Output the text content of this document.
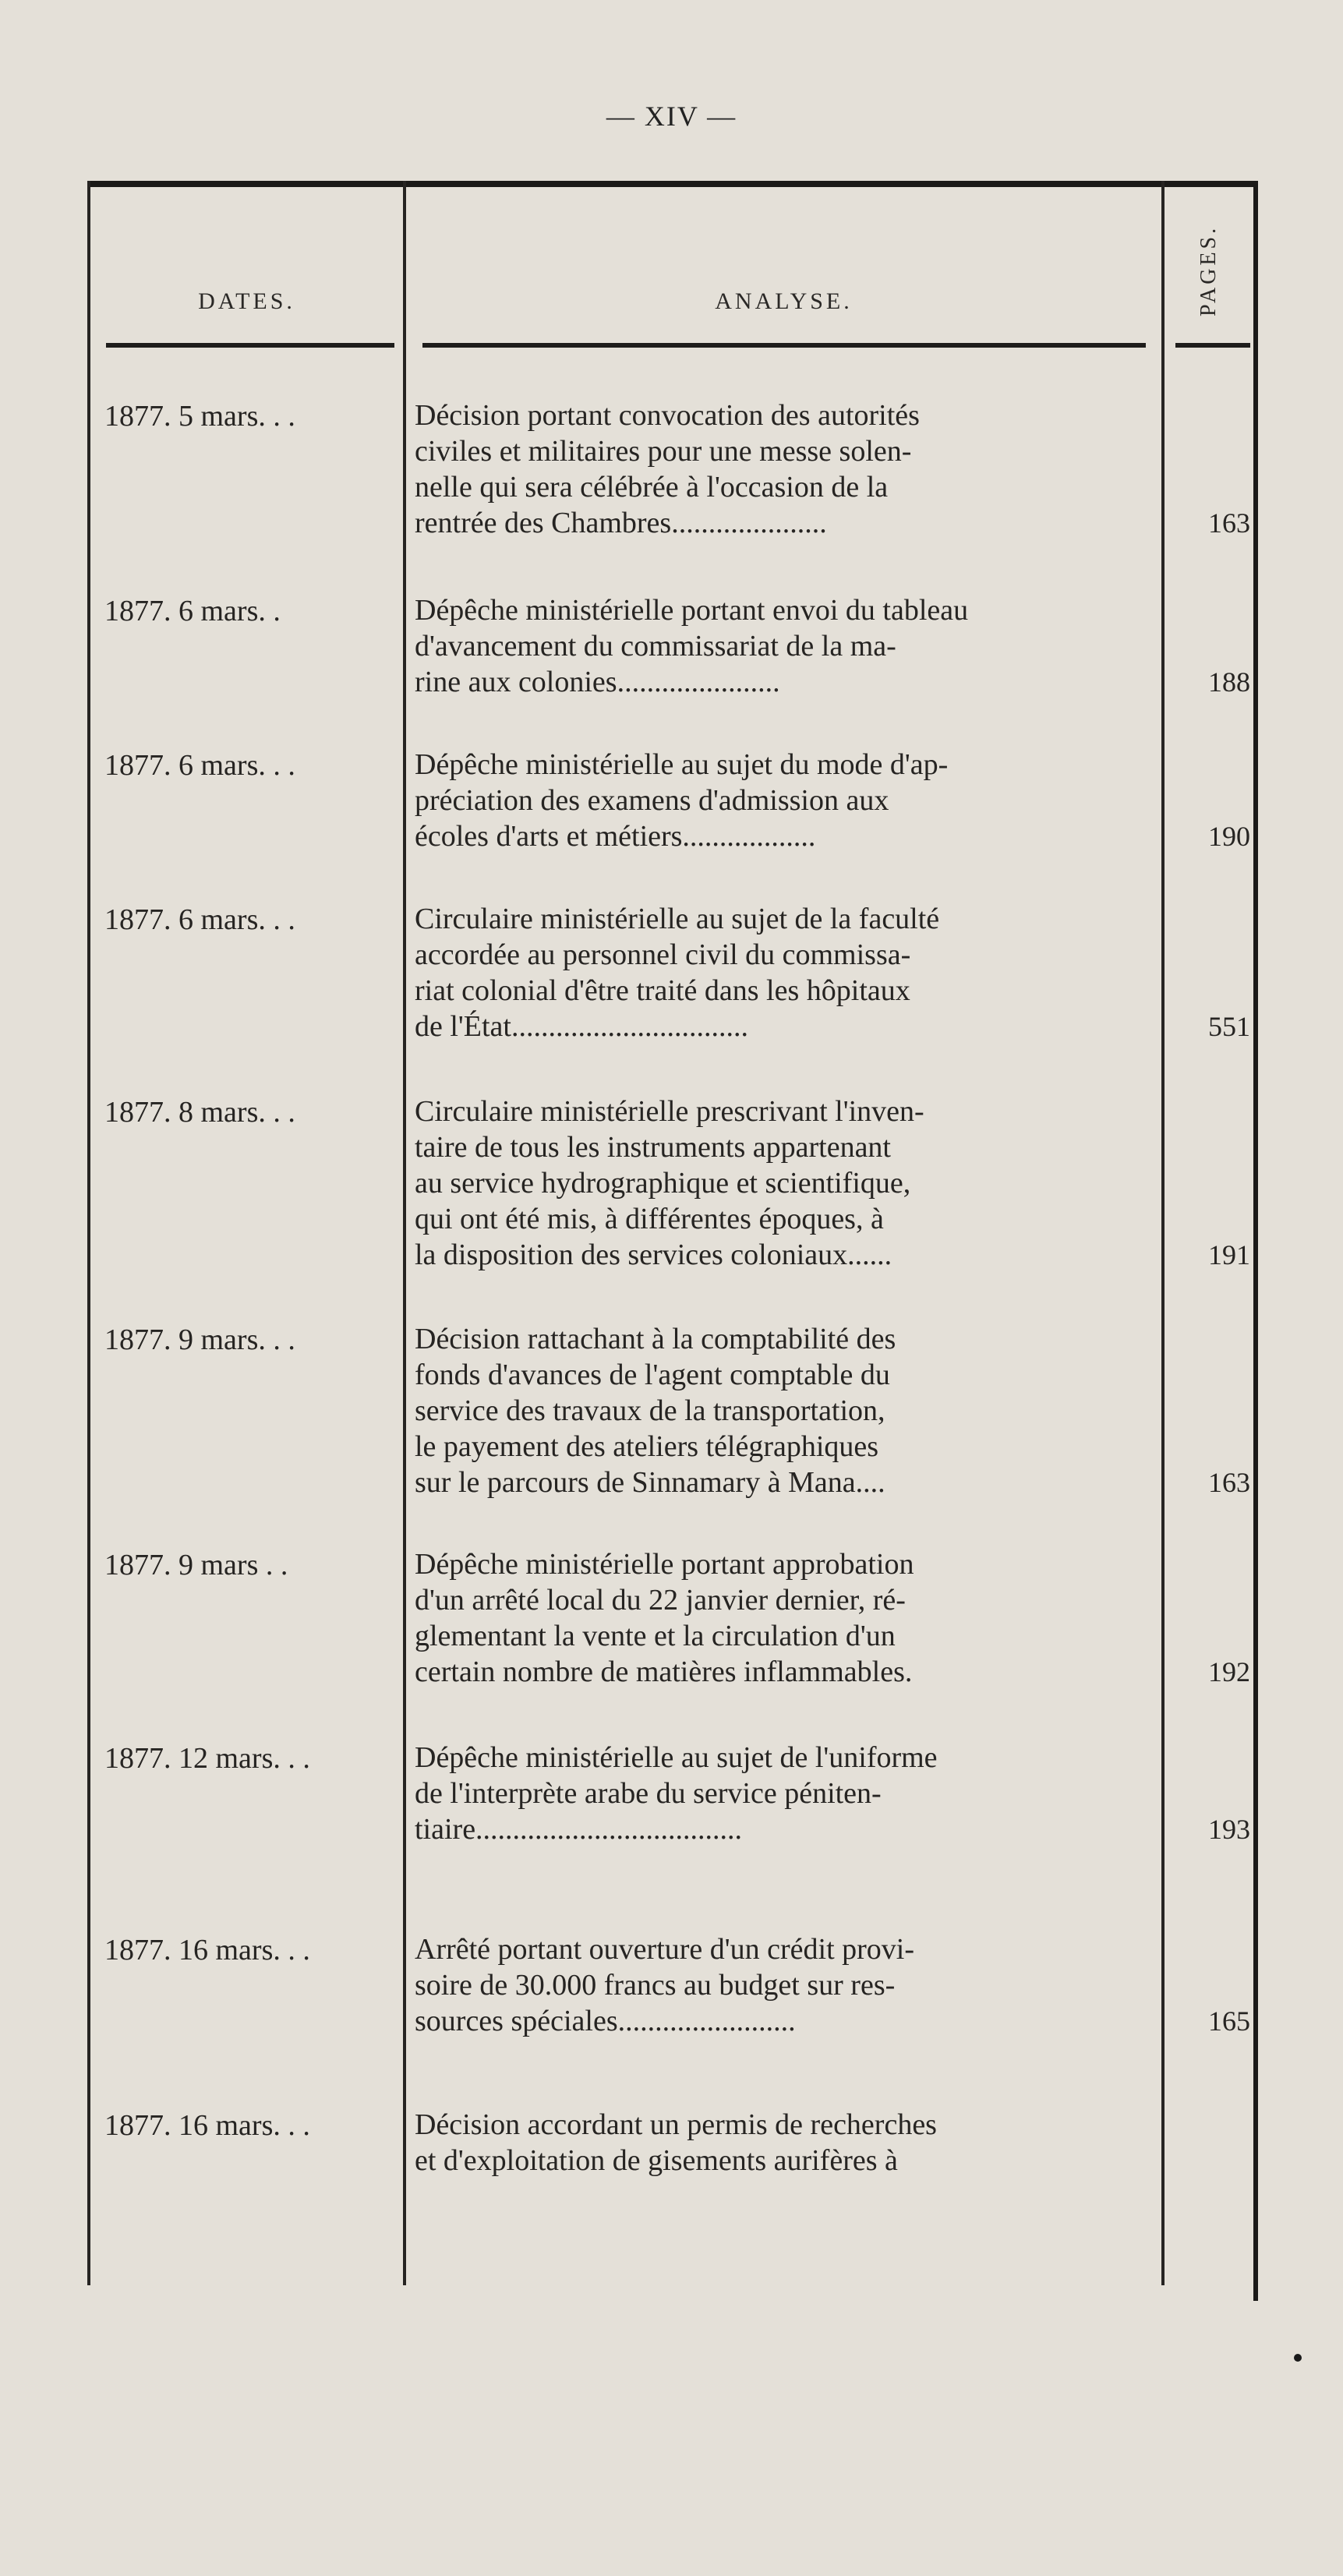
— XIV —
DATES.	ANALYSE.	PAGES.
1877. 5 mars. . .	Décision portant convocation des autorités
civiles et militaires pour une messe solen-
nelle qui sera célébrée à l'occasion de la
rentrée des Chambres.....................	163
1877. 6 mars. .	Dépêche ministérielle portant envoi du tableau
d'avancement du commissariat de la ma-
rine aux colonies......................	188
1877. 6 mars. . .	Dépêche ministérielle au sujet du mode d'ap-
préciation des examens d'admission aux
écoles d'arts et métiers..................	190
1877. 6 mars. . .	Circulaire ministérielle au sujet de la faculté
accordée au personnel civil du commissa-
riat colonial d'être traité dans les hôpitaux
de l'État................................	551
1877. 8 mars. . .	Circulaire ministérielle prescrivant l'inven-
taire de tous les instruments appartenant
au service hydrographique et scientifique,
qui ont été mis, à différentes époques, à
la disposition des services coloniaux......	191
1877. 9 mars. . .	Décision rattachant à la comptabilité des
fonds d'avances de l'agent comptable du
service des travaux de la transportation,
le payement des ateliers télégraphiques
sur le parcours de Sinnamary à Mana....	163
1877. 9 mars . .	Dépêche ministérielle portant approbation
d'un arrêté local du 22 janvier dernier, ré-
glementant la vente et la circulation d'un
certain nombre de matières inflammables.	192
1877. 12 mars. . .	Dépêche ministérielle au sujet de l'uniforme
de l'interprète arabe du service péniten-
tiaire....................................	193
1877. 16 mars. . .	Arrêté portant ouverture d'un crédit provi-
soire de 30.000 francs au budget sur res-
sources spéciales........................	165
1877. 16 mars. . .	Décision accordant un permis de recherches
et d'exploitation de gisements aurifères à
